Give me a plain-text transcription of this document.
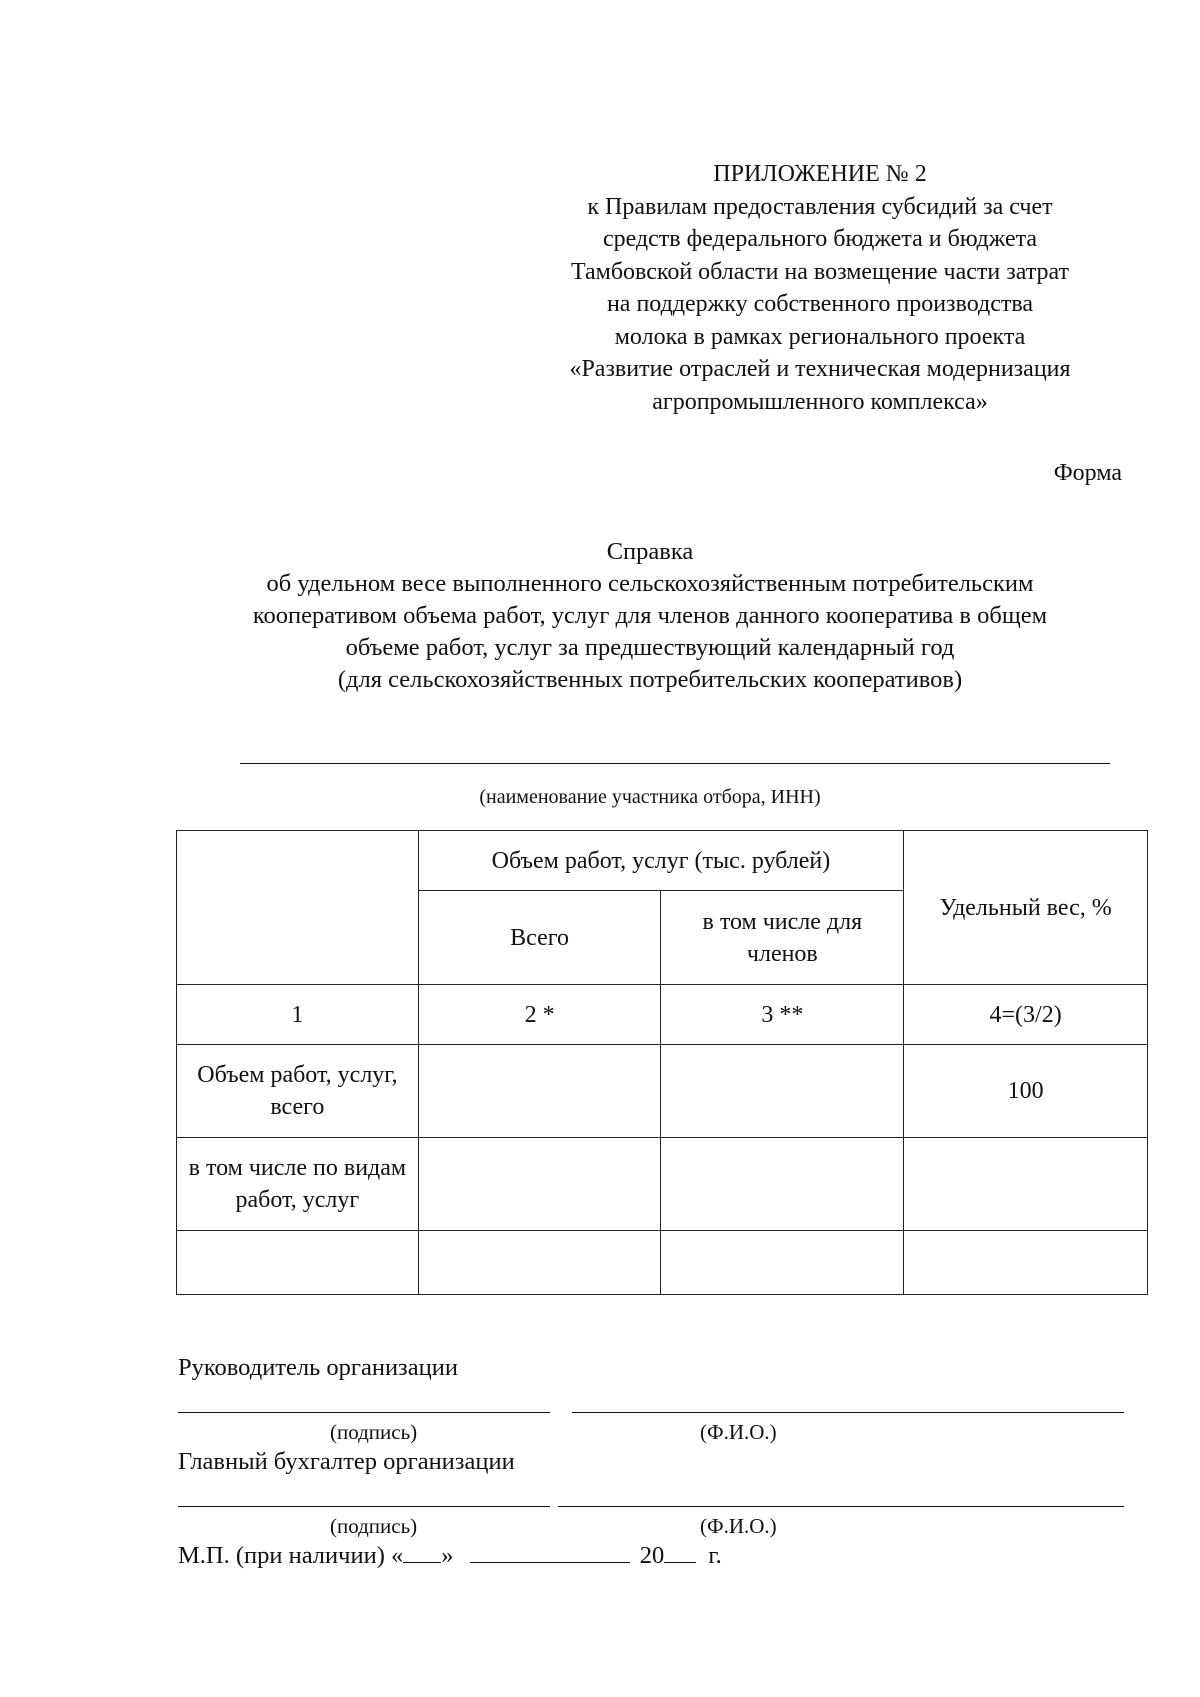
ПРИЛОЖЕНИЕ № 2
к Правилам предоставления субсидий за счет
средств федерального бюджета и бюджета
Тамбовской области на возмещение части затрат
на поддержку собственного производства
молока в рамках регионального проекта
«Развитие отраслей и техническая модернизация
агропромышленного комплекса»
Форма
Справка
об удельном весе выполненного сельскохозяйственным потребительским
кооперативом объема работ, услуг для членов данного кооператива в общем
объеме работ, услуг за предшествующий календарный год
(для сельскохозяйственных потребительских кооперативов)
(наименование участника отбора, ИНН)
	Объем работ, услуг (тыс. рублей)		Удельный вес, %
	Всего	в том числе для членов	
1	2 *	3 **	4=(3/2)
Объем работ, услуг, всего			100
в том числе по видам работ, услуг			

Руководитель организации
(подпись)	(Ф.И.О.)
Главный бухгалтер организации
(подпись)	(Ф.И.О.)
М.П. (при наличии) « »	20 г.
